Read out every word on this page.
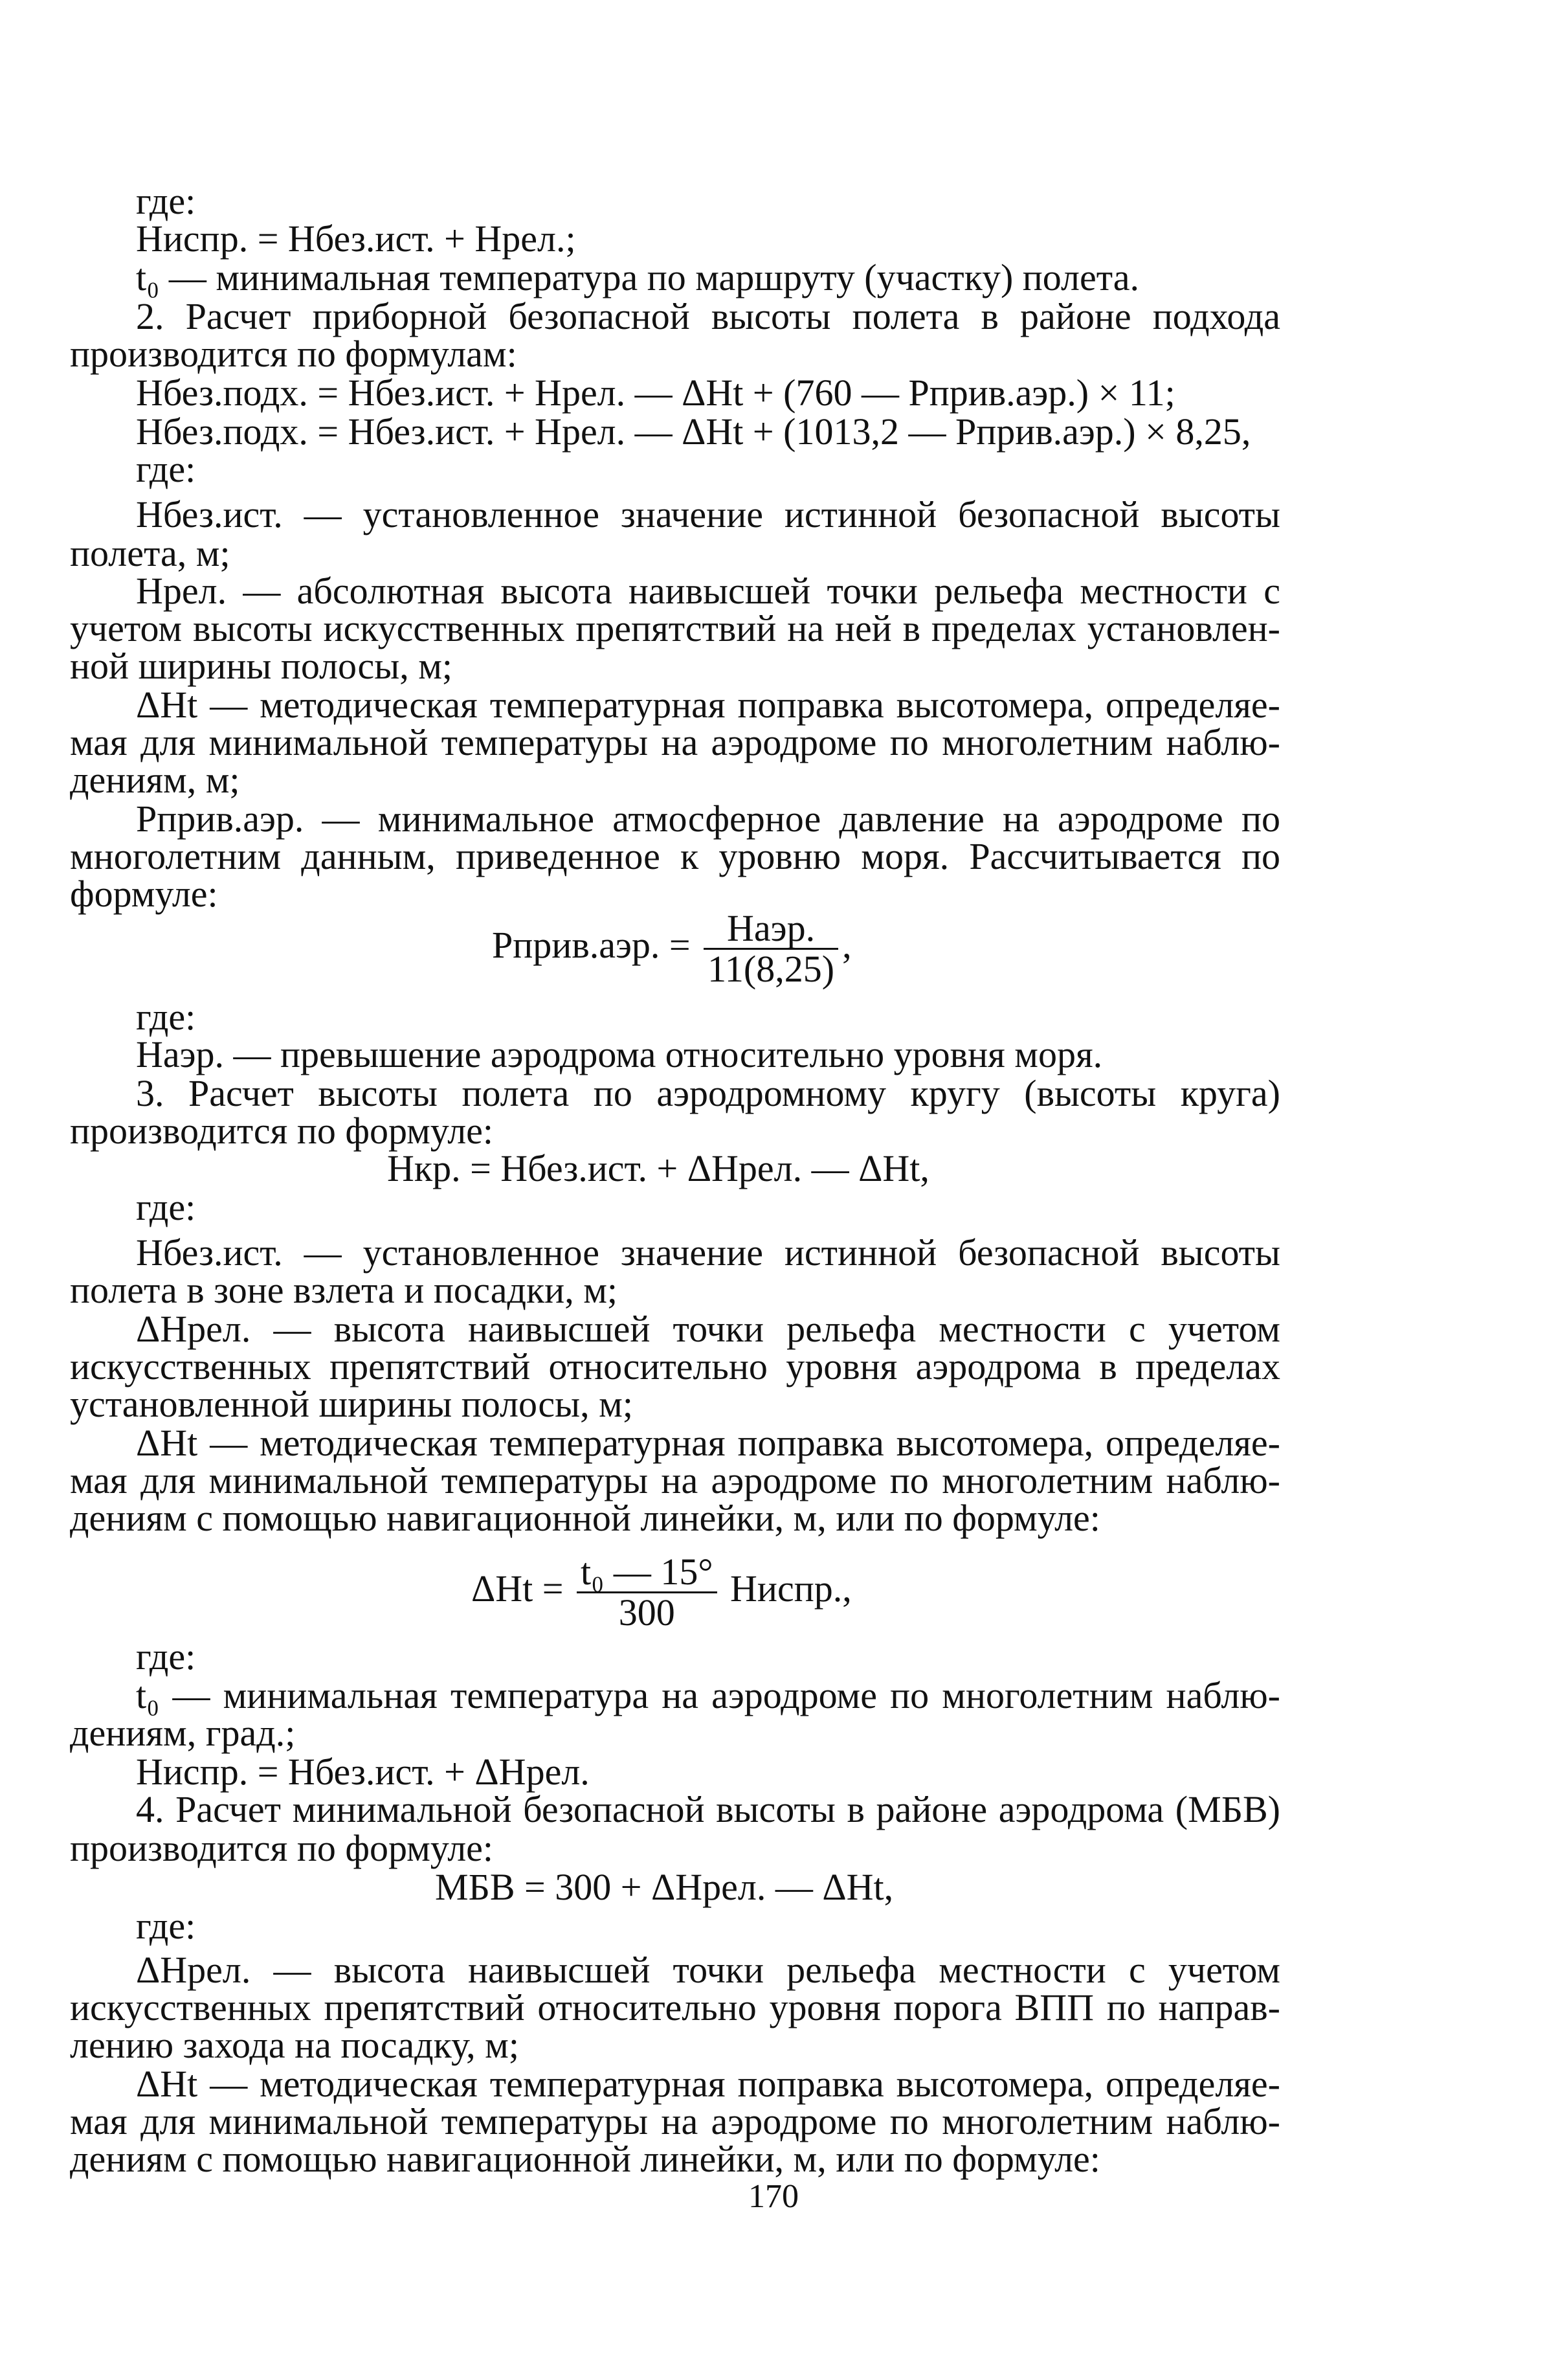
где:
Ниспр. = Нбез.ист. + Нрел.;
t₀ — минимальная температура по маршруту (участку) полета.
2. Расчет приборной безопасной высоты полета в районе подхода
производится по формулам:
Нбез.подх. = Нбез.ист. + Нрел. — ΔHt + (760 — Рприв.аэр.) × 11;
Нбез.подх. = Нбез.ист. + Нрел. — ΔHt + (1013,2 — Рприв.аэр.) × 8,25,
где:
Нбез.ист. — установленное значение истинной безопасной высоты
полета, м;
Нрел. — абсолютная высота наивысшей точки рельефа местности с
учетом высоты искусственных препятствий на ней в пределах установлен-
ной ширины полосы, м;
ΔHt — методическая температурная поправка высотомера, определяе-
мая для минимальной температуры на аэродроме по многолетним наблю-
дениям, м;
Рприв.аэр. — минимальное атмосферное давление на аэродроме по
многолетним данным, приведенное к уровню моря. Рассчитывается по
формуле:
Рприв.аэр. = $\frac{\text{Наэр.}}{11(8,25)}$ ,
где:
Наэр. — превышение аэродрома относительно уровня моря.
3. Расчет высоты полета по аэродромному кругу (высоты круга)
производится по формуле:
Нкр. = Нбез.ист. + ΔНрел. — ΔHt,
где:
Нбез.ист. — установленное значение истинной безопасной высоты
полета в зоне взлета и посадки, м;
ΔНрел. — высота наивысшей точки рельефа местности с учетом
искусственных препятствий относительно уровня аэродрома в пределах
установленной ширины полосы, м;
ΔHt — методическая температурная поправка высотомера, определяе-
мая для минимальной температуры на аэродроме по многолетним наблю-
дениям с помощью навигационной линейки, м, или по формуле:
$\Delta Ht = \frac{\text{t₀ — 15°}}{300}$ Ниспр.,
где:
t₀ — минимальная температура на аэродроме по многолетним наблю-
дениям, град.;
Ниспр. = Нбез.ист. + ΔНрел.
4. Расчет минимальной безопасной высоты в районе аэродрома (МБВ)
производится по формуле:
МБВ = 300 + ΔНрел. — ΔHt,
где:
ΔНрел. — высота наивысшей точки рельефа местности с учетом
искусственных препятствий относительно уровня порога ВПП по направ-
лению захода на посадку, м;
ΔHt — методическая температурная поправка высотомера, определяе-
мая для минимальной температуры на аэродроме по многолетним наблю-
дениям с помощью навигационной линейки, м, или по формуле:
170
